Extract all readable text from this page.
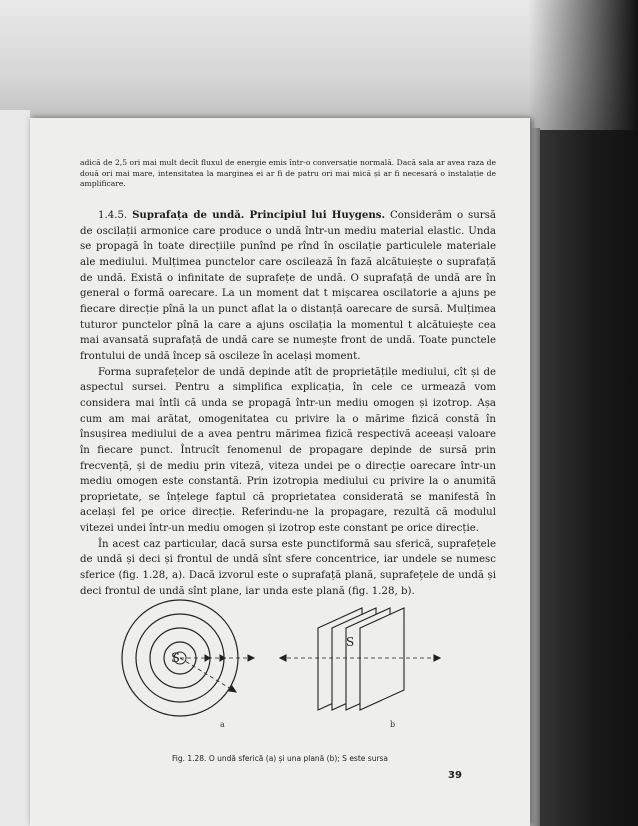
adică de 2,5 ori mai mult decît fluxul de energie emis într-o conversație normală. Dacă sala ar avea raza de două ori mai mare, intensitatea la marginea ei ar fi de patru ori mai mică și ar fi necesară o instalație de amplificare.

1.4.5. Suprafața de undă. Principiul lui Huygens. Considerăm o sursă de oscilații armonice care produce o undă într-un mediu material elastic. Unda se propagă în toate direcțiile punînd pe rînd în oscilație particulele materiale ale mediului. Mulțimea punctelor care oscilează în fază alcătuiește o suprafață de undă. Există o infinitate de suprafețe de undă. O suprafață de undă are în general o formă oarecare. La un moment dat t mișcarea oscilatorie a ajuns pe fiecare direcție pînă la un punct aflat la o distanță oarecare de sursă. Mulțimea tuturor punctelor pînă la care a ajuns oscilația la momentul t alcătuiește cea mai avansată suprafață de undă care se numește front de undă. Toate punctele frontului de undă încep să oscileze în același moment.

Forma suprafețelor de undă depinde atît de proprietățile mediului, cît și de aspectul sursei. Pentru a simplifica explicația, în cele ce urmează vom considera mai întîi că unda se propagă într-un mediu omogen și izotrop. Așa cum am mai arătat, omogenitatea cu privire la o mărime fizică constă în însușirea mediului de a avea pentru mărimea fizică respectivă aceeași valoare în fiecare punct. Întrucît fenomenul de propagare depinde de sursă prin frecvență, și de mediu prin viteză, viteza undei pe o direcție oarecare într-un mediu omogen este constantă. Prin izotropia mediului cu privire la o anumită proprietate, se înțelege faptul că proprietatea considerată se manifestă în același fel pe orice direcție. Referindu-ne la propagare, rezultă că modulul vitezei undei într-un mediu omogen și izotrop este constant pe orice direcție.

În acest caz particular, dacă sursa este punctiformă sau sferică, suprafețele de undă și deci și frontul de undă sînt sfere concentrice, iar undele se numesc sferice (fig. 1.28, a). Dacă izvorul este o suprafață plană, suprafețele de undă și deci frontul de undă sînt plane, iar unda este plană (fig. 1.28, b).

S
S
a	b
Fig. 1.28. O undă sferică (a) și una plană (b); S este sursa
39
